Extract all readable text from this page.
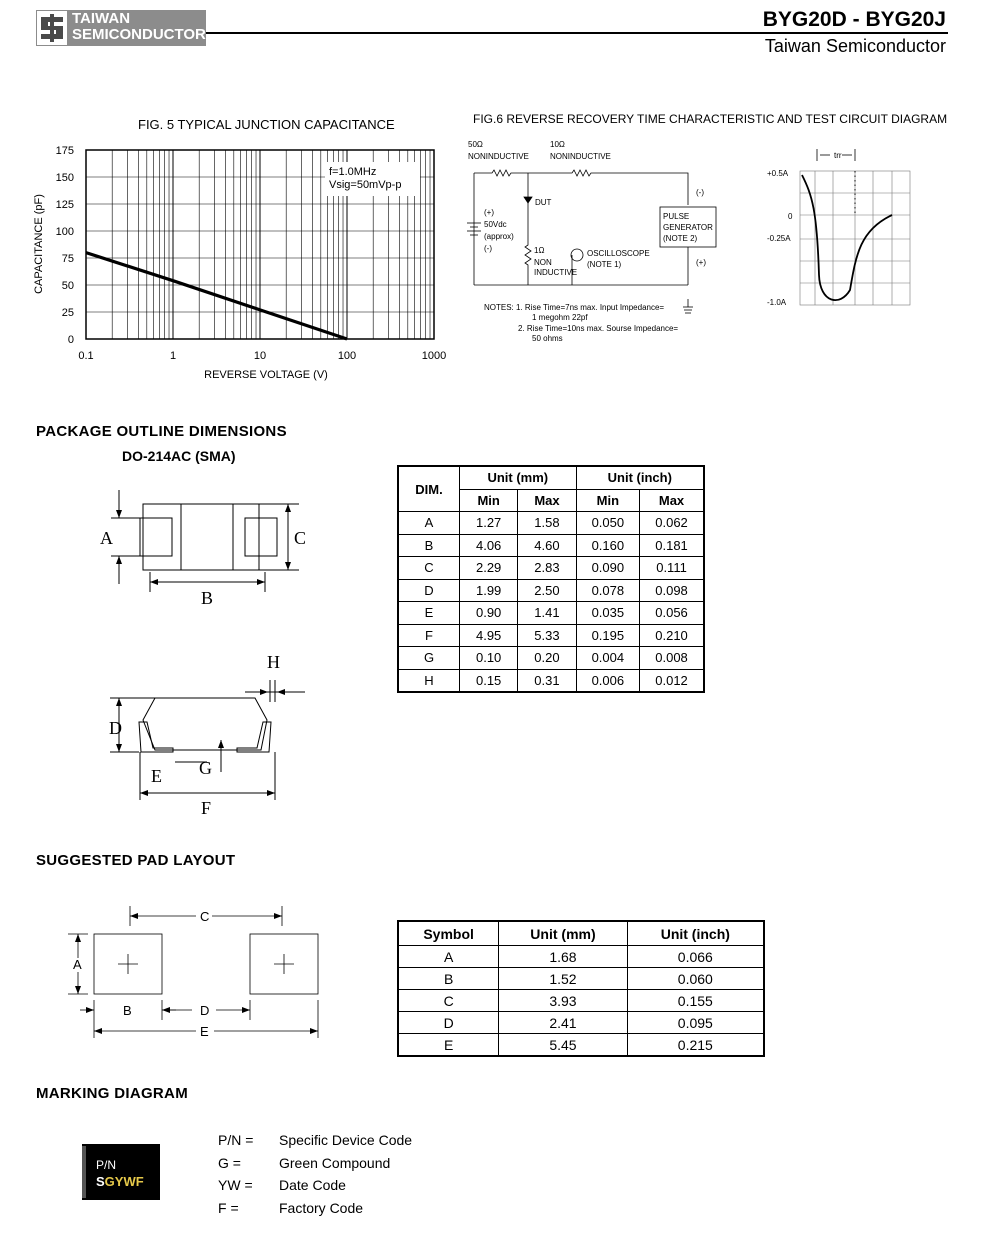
TAIWAN
SEMICONDUCTOR
BYG20D - BYG20J
Taiwan Semiconductor
FIG. 5 TYPICAL JUNCTION CAPACITANCE
f=1.0MHz
Vsig=50mVp-p
175
150
125
100
75
50
25
0
0.1	1	10	100	1000
CAPACITANCE (pF)
REVERSE VOLTAGE (V)
FIG.6 REVERSE RECOVERY TIME CHARACTERISTIC AND TEST CIRCUIT DIAGRAM
50Ω
NONINDUCTIVE
10Ω
NONINDUCTIVE
DUT
(+)
50Vdc
(approx)
(-)	1Ω
NON
INDUCTIVE
OSCILLOSCOPE
(NOTE 1)
PULSE
GENERATOR
(NOTE 2)
(-)
(+)
NOTES: 1. Rise Time=7ns max. Input Impedance=
1 megohm 22pf
2. Rise Time=10ns max. Sourse Impedance=
50 ohms
trr
+0.5A
0
-0.25A
-1.0A
PACKAGE OUTLINE DIMENSIONS
DO-214AC (SMA)
A	C
B
H
D
E G
F
DIM.	Unit (mm)		Unit (inch)	
	Min	Max	Min	Max
A	1.27	1.58	0.050	0.062
B	4.06	4.60	0.160	0.181
C	2.29	2.83	0.090	0.111
D	1.99	2.50	0.078	0.098
E	0.90	1.41	0.035	0.056
F	4.95	5.33	0.195	0.210
G	0.10	0.20	0.004	0.008
H	0.15	0.31	0.006	0.012
SUGGESTED PAD LAYOUT
C
A
B	D
E
Symbol	Unit (mm)	Unit (inch)
A	1.68	0.066
B	1.52	0.060
C	3.93	0.155
D	2.41	0.095
E	5.45	0.215
MARKING DIAGRAM
P/N
SGYWF
P/N = Specific Device Code
G =	Green Compound
YW = Date Code
F =	Factory Code
